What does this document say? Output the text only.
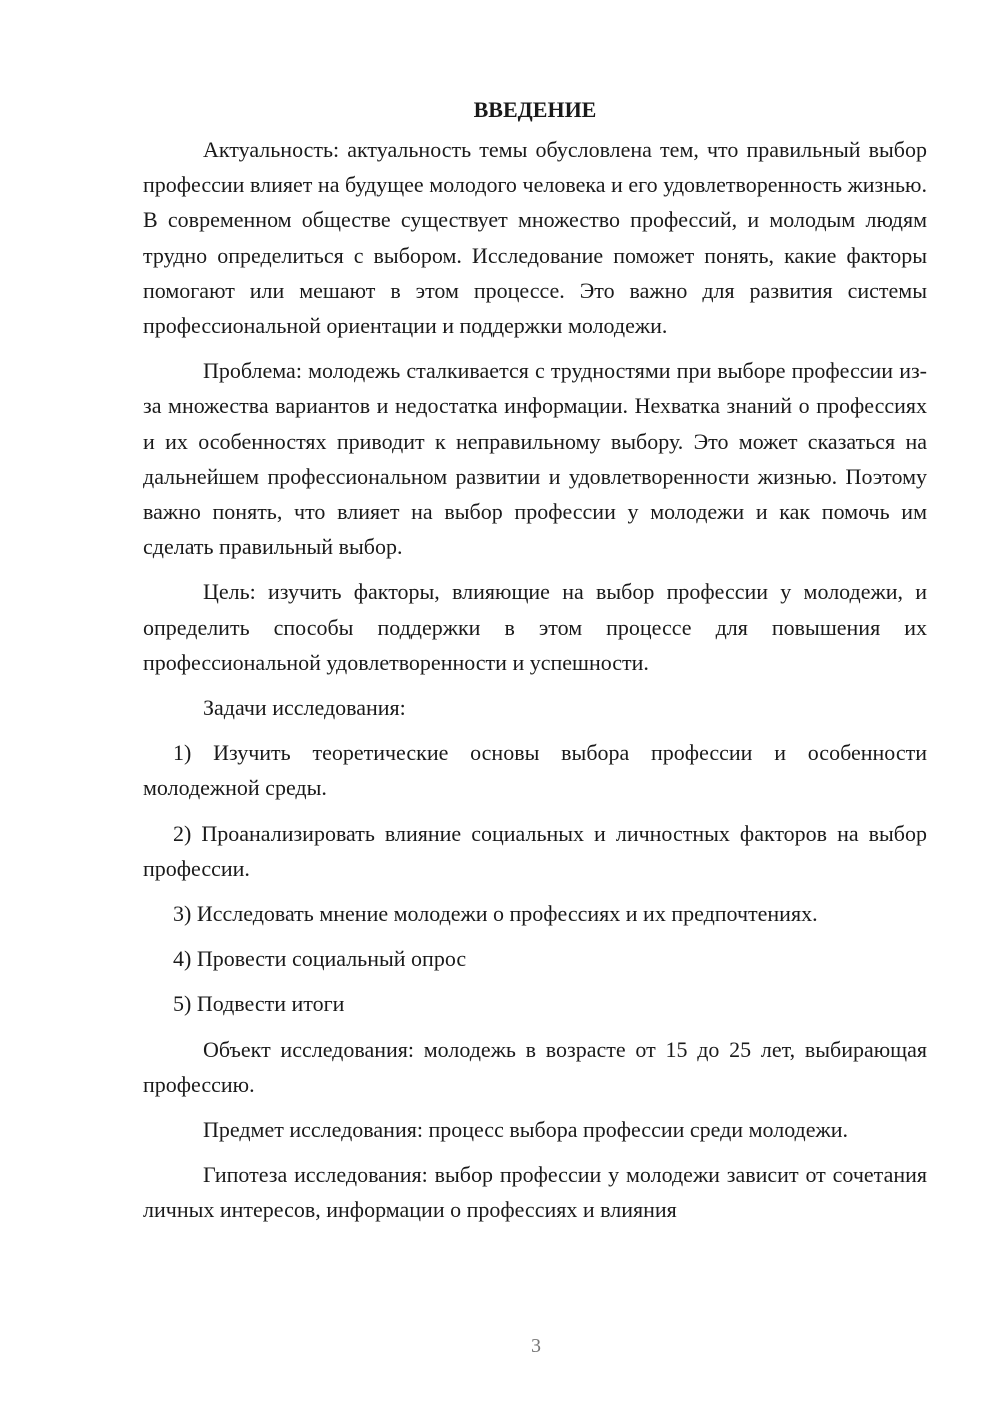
ВВЕДЕНИЕ

Актуальность: актуальность темы обусловлена тем, что правильный выбор профессии влияет на будущее молодого человека и его удовлетворенность жизнью. В современном обществе существует множество профессий, и молодым людям трудно определиться с выбором. Исследование поможет понять, какие факторы помогают или мешают в этом процессе. Это важно для развития системы профессиональной ориентации и поддержки молодежи.

Проблема: молодежь сталкивается с трудностями при выборе профессии из-за множества вариантов и недостатка информации. Нехватка знаний о профессиях и их особенностях приводит к неправильному выбору. Это может сказаться на дальнейшем профессиональном развитии и удовлетворенности жизнью. Поэтому важно понять, что влияет на выбор профессии у молодежи и как помочь им сделать правильный выбор.

Цель: изучить факторы, влияющие на выбор профессии у молодежи, и определить способы поддержки в этом процессе для повышения их профессиональной удовлетворенности и успешности.

Задачи исследования:

1) Изучить теоретические основы выбора профессии и особенности молодежной среды.

2) Проанализировать влияние социальных и личностных факторов на выбор профессии.

3) Исследовать мнение молодежи о профессиях и их предпочтениях.

4) Провести социальный опрос

5) Подвести итоги

Объект исследования: молодежь в возрасте от 15 до 25 лет, выбирающая профессию.

Предмет исследования: процесс выбора профессии среди молодежи.

Гипотеза исследования: выбор профессии у молодежи зависит от сочетания личных интересов, информации о профессиях и влияния

3
